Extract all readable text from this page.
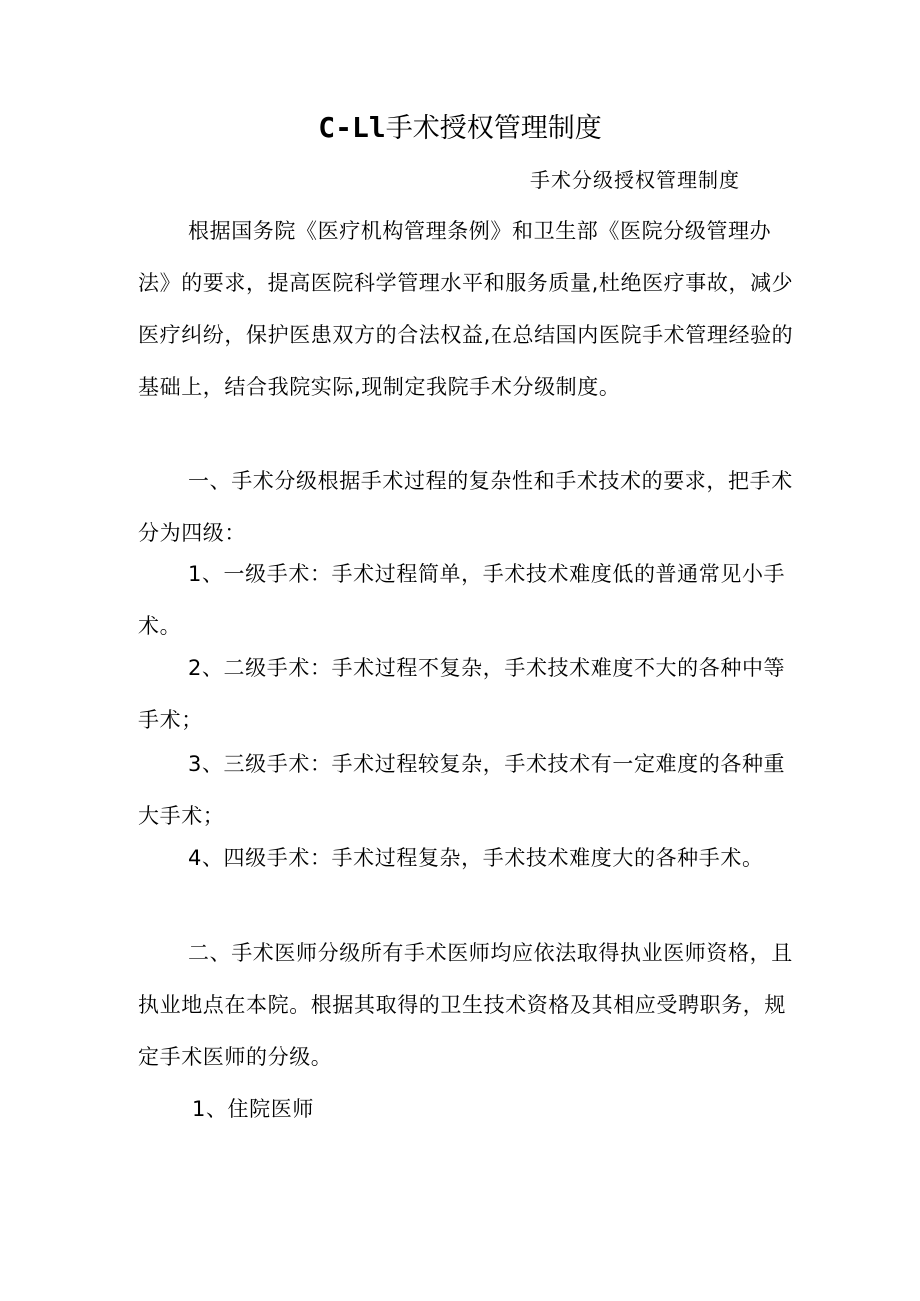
C-Ll手术授权管理制度
手术分级授权管理制度

根据国务院《医疗机构管理条例》和卫生部《医院分级管理办法》的要求，提高医院科学管理水平和服务质量,杜绝医疗事故，减少医疗纠纷，保护医患双方的合法权益,在总结国内医院手术管理经验的基础上，结合我院实际,现制定我院手术分级制度。

一、手术分级根据手术过程的复杂性和手术技术的要求，把手术分为四级：

1、一级手术：手术过程简单，手术技术难度低的普通常见小手术。

2、二级手术：手术过程不复杂，手术技术难度不大的各种中等手术；

3、三级手术：手术过程较复杂，手术技术有一定难度的各种重大手术；

4、四级手术：手术过程复杂，手术技术难度大的各种手术。

二、手术医师分级所有手术医师均应依法取得执业医师资格，且执业地点在本院。根据其取得的卫生技术资格及其相应受聘职务，规定手术医师的分级。

1、住院医师
